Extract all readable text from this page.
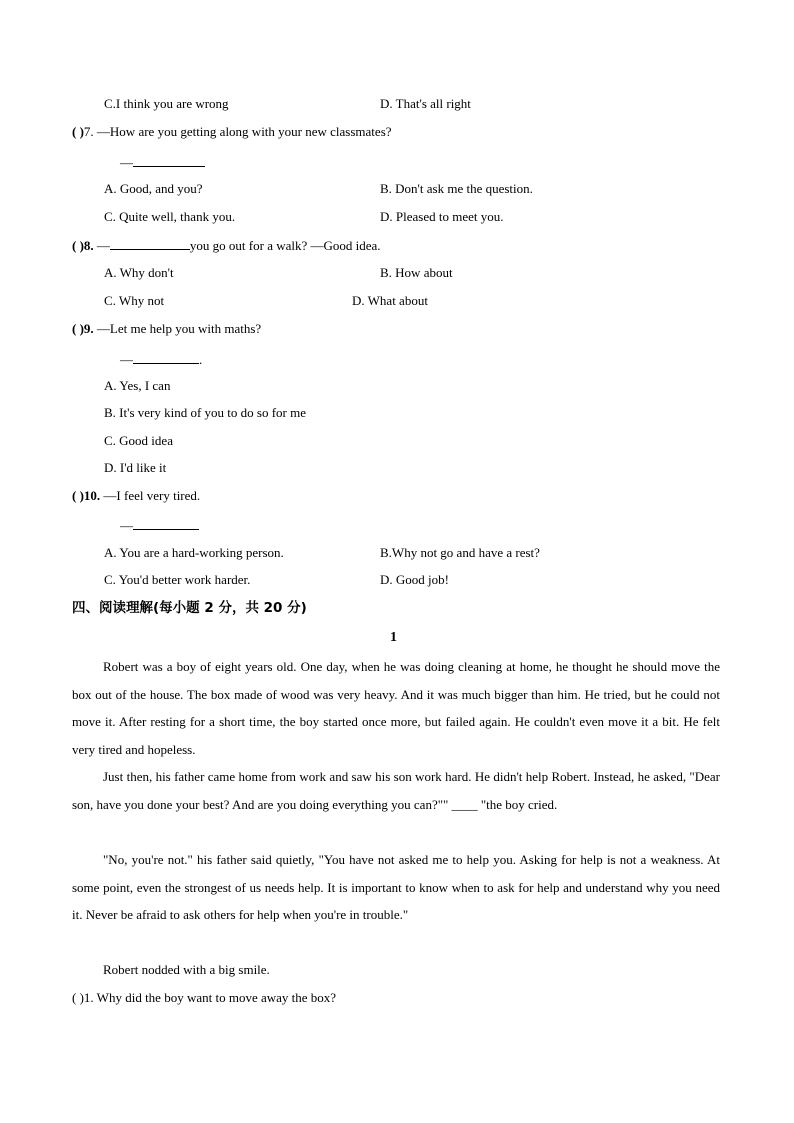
C.I think you are wrong	D. That's all right
( )7. —How are you getting along with your new classmates?
—
A. Good, and you?	B. Don't ask me the question.
C. Quite well, thank you.	D. Pleased to meet you.
( )8. —	you go out for a walk? —Good idea.
A. Why don't	B. How about
C. Why not	D. What about
( )9. —Let me help you with maths?
—	.
A. Yes, I can
B. It's very kind of you to do so for me
C. Good idea
D. I'd like it
( )10. —I feel very tired.
—
A. You are a hard-working person.	B.Why not go and have a rest?
C. You'd better work harder.	D. Good job!
四、阅读理解(每小题 2 分，共 20 分)
1
Robert was a boy of eight years old. One day, when he was doing cleaning at home, he thought he should move the box out of the house. The box made of wood was very heavy. And it was much bigger than him. He tried, but he could not move it. After resting for a short time, the boy started once more, but failed again. He couldn't even move it a bit. He felt very tired and hopeless.
Just then, his father came home from work and saw his son work hard. He didn't help Robert. Instead, he asked, "Dear son, have you done your best? And are you doing everything you can?"" ____ "the boy cried.
"No, you're not." his father said quietly, "You have not asked me to help you. Asking for help is not a weakness. At some point, even the strongest of us needs help. It is important to know when to ask for help and understand why you need it. Never be afraid to ask others for help when you're in trouble."
Robert nodded with a big smile.
( )1. Why did the boy want to move away the box?
